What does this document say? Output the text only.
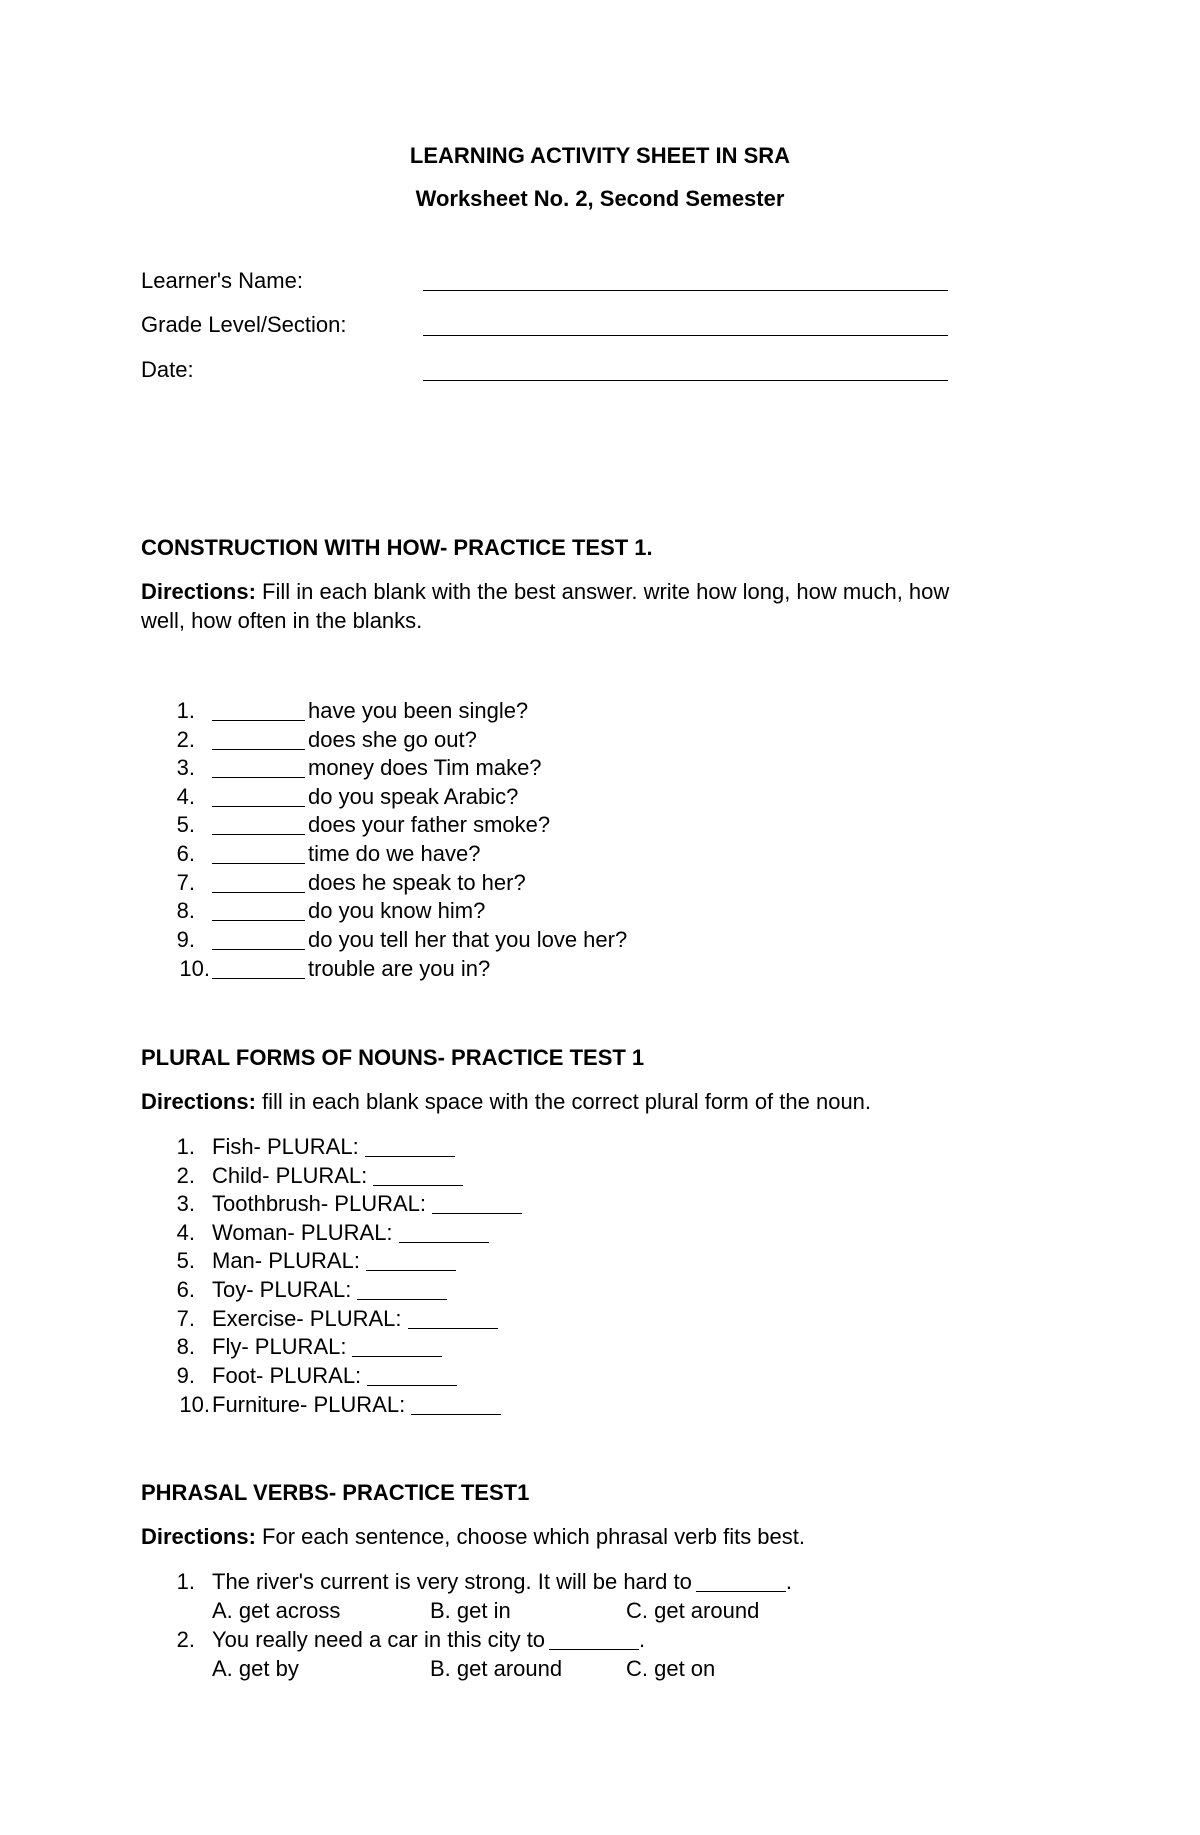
LEARNING ACTIVITY SHEET IN SRA
Worksheet No. 2, Second Semester
Learner's Name:
Grade Level/Section:
Date:
CONSTRUCTION WITH HOW- PRACTICE TEST 1.
Directions: Fill in each blank with the best answer. write how long, how much, how
well, how often in the blanks.
1.	have you been single?
2.	does she go out?
3.	money does Tim make?
4.	do you speak Arabic?
5.	does your father smoke?
6.	time do we have?
7.	does he speak to her?
8.	do you know him?
9.	do you tell her that you love her?
10.	trouble are you in?
PLURAL FORMS OF NOUNS- PRACTICE TEST 1
Directions: fill in each blank space with the correct plural form of the noun.
1. Fish- PLURAL:
2. Child- PLURAL:
3. Toothbrush- PLURAL:
4. Woman- PLURAL:
5. Man- PLURAL:
6. Toy- PLURAL:
7. Exercise- PLURAL:
8. Fly- PLURAL:
9. Foot- PLURAL:
10. Furniture- PLURAL:
PHRASAL VERBS- PRACTICE TEST1
Directions: For each sentence, choose which phrasal verb fits best.
1. The river's current is very strong. It will be hard to	.
A. get across	B. get in	C. get around
2. You really need a car in this city to	.
A. get by	B. get around	C. get on
